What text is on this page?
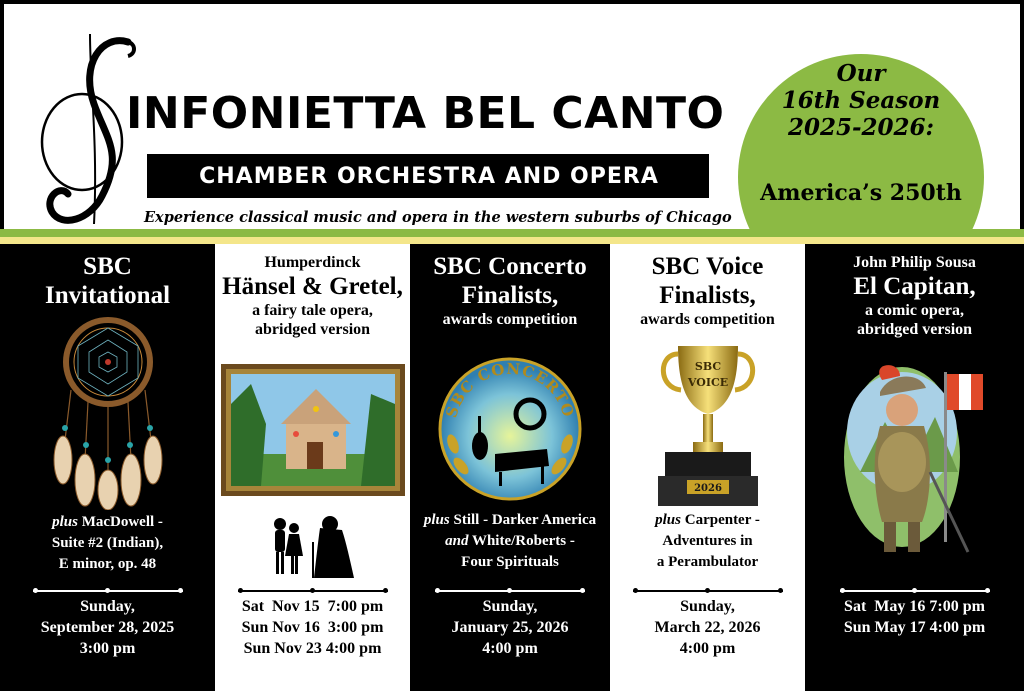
INFONIETTA BEL CANTO
CHAMBER ORCHESTRA AND OPERA
Experience classical music and opera in the western suburbs of Chicago
Our
16th Season
2025-2026:
America’s 250th
SBC
Invitational
plus MacDowell -
Suite #2 (Indian),
E minor, op. 48
Sunday,
September 28, 2025
3:00 pm
Humperdinck
Hänsel & Gretel,
a fairy tale opera,
abridged version
Sat  Nov 15  7:00 pm
Sun Nov 16  3:00 pm
Sun Nov 23 4:00 pm
SBC Concerto
Finalists,
awards competition
SBC CONCERTO
plus Still - Darker America
and White/Roberts -
Four Spirituals
Sunday,
January 25, 2026
4:00 pm
SBC Voice
Finalists,
awards competition
SBC
VOICE
2026
plus Carpenter -
Adventures in
a Perambulator
Sunday,
March 22, 2026
4:00 pm
John Philip Sousa
El Capitan,
a comic opera,
abridged version
Sat  May 16 7:00 pm
Sun May 17 4:00 pm
